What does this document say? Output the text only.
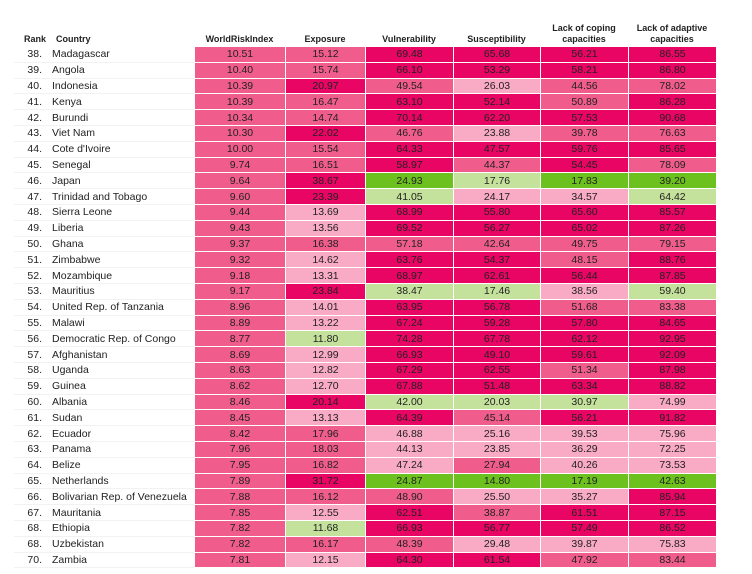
Rank	Country	WorldRiskIndex	Exposure	Vulnerability	Susceptibility	Lack of coping capacities	Lack of adaptive capacities
38.	Madagascar	10.51	15.12	69.48	65.68	56.21	86.55
39.	Angola	10.40	15.74	66.10	53.29	58.21	86.80
40.	Indonesia	10.39	20.97	49.54	26.03	44.56	78.02
41.	Kenya	10.39	16.47	63.10	52.14	50.89	86.28
42.	Burundi	10.34	14.74	70.14	62.20	57.53	90.68
43.	Viet Nam	10.30	22.02	46.76	23.88	39.78	76.63
44.	Cote d'Ivoire	10.00	15.54	64.33	47.57	59.76	85.65
45.	Senegal	9.74	16.51	58.97	44.37	54.45	78.09
46.	Japan	9.64	38.67	24.93	17.76	17.83	39.20
47.	Trinidad and Tobago	9.60	23.39	41.05	24.17	34.57	64.42
48.	Sierra Leone	9.44	13.69	68.99	55.80	65.60	85.57
49.	Liberia	9.43	13.56	69.52	56.27	65.02	87.26
50.	Ghana	9.37	16.38	57.18	42.64	49.75	79.15
51.	Zimbabwe	9.32	14.62	63.76	54.37	48.15	88.76
52.	Mozambique	9.18	13.31	68.97	62.61	56.44	87.85
53.	Mauritius	9.17	23.84	38.47	17.46	38.56	59.40
54.	United Rep. of Tanzania	8.96	14.01	63.95	56.78	51.68	83.38
55.	Malawi	8.89	13.22	67.24	59.28	57.80	84.65
56.	Democratic Rep. of Congo	8.77	11.80	74.28	67.78	62.12	92.95
57.	Afghanistan	8.69	12.99	66.93	49.10	59.61	92.09
58.	Uganda	8.63	12.82	67.29	62.55	51.34	87.98
59.	Guinea	8.62	12.70	67.88	51.48	63.34	88.82
60.	Albania	8.46	20.14	42.00	20.03	30.97	74.99
61.	Sudan	8.45	13.13	64.39	45.14	56.21	91.82
62.	Ecuador	8.42	17.96	46.88	25.16	39.53	75.96
63.	Panama	7.96	18.03	44.13	23.85	36.29	72.25
64.	Belize	7.95	16.82	47.24	27.94	40.26	73.53
65.	Netherlands	7.89	31.72	24.87	14.80	17.19	42.63
66.	Bolivarian Rep. of Venezuela	7.88	16.12	48.90	25.50	35.27	85.94
67.	Mauritania	7.85	12.55	62.51	38.87	61.51	87.15
68.	Ethiopia	7.82	11.68	66.93	56.77	57.49	86.52
68.	Uzbekistan	7.82	16.17	48.39	29.48	39.87	75.83
70.	Zambia	7.81	12.15	64.30	61.54	47.92	83.44
